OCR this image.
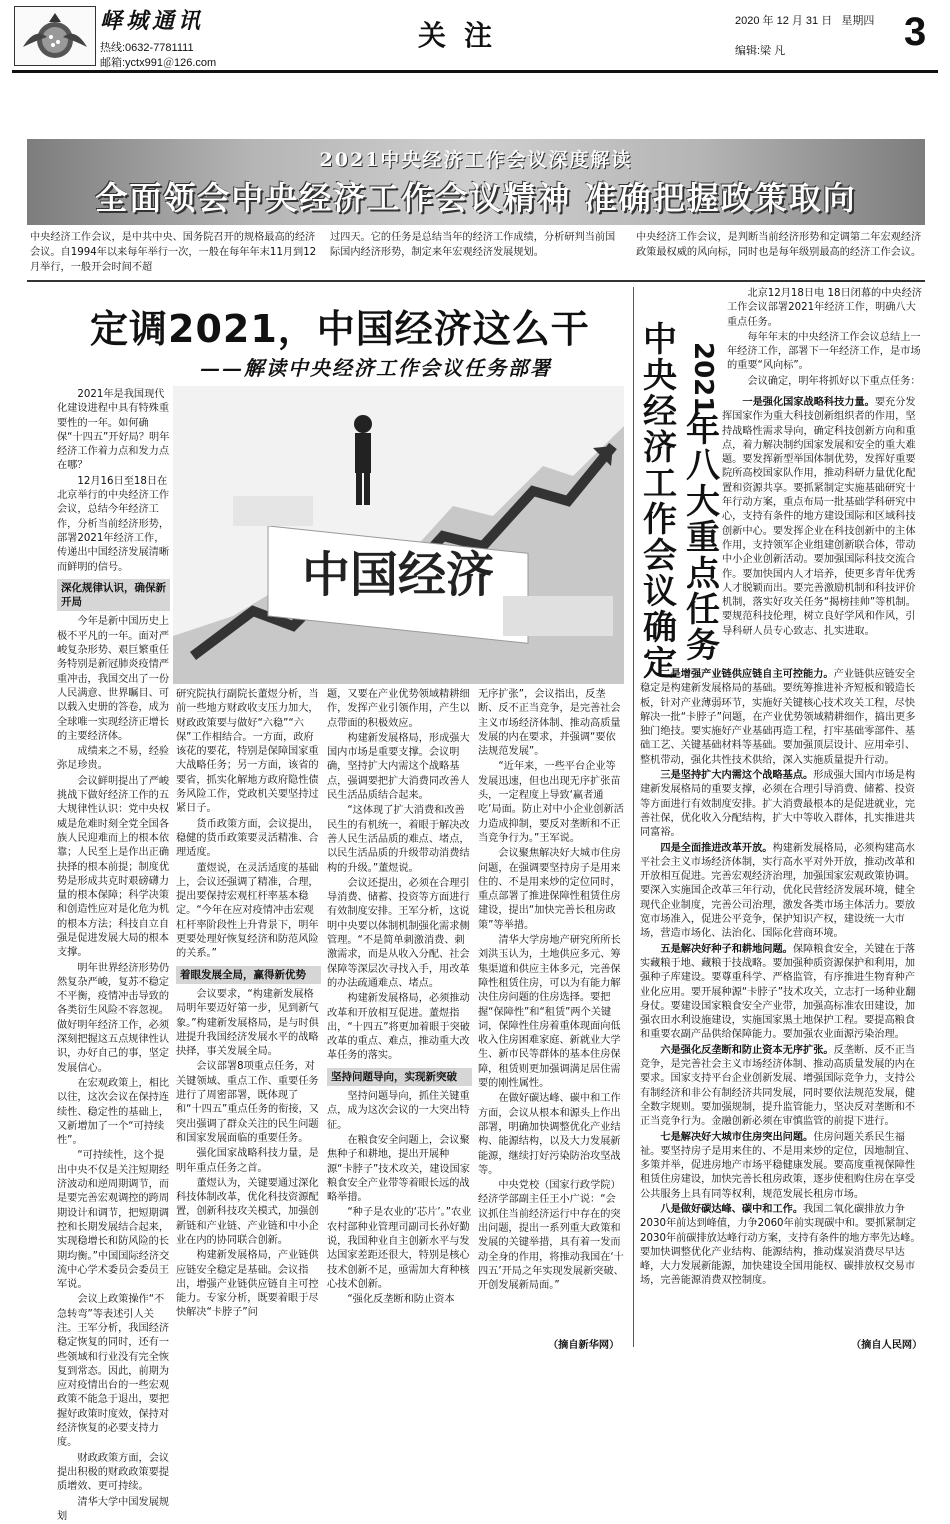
峄城通讯
热线:0632-7781111
邮箱:yctx991＠126.com
关注	2020 年 12 月 31 日 星期四
编辑:梁 凡	3
2021中央经济工作会议深度解读
全面领会中央经济工作会议精神 准确把握政策取向
中央经济工作会议，是中共中央、国务院召开的规格最高的经济会议。自1994年以来每年举行一次，一般在每年年末11月到12月举行，一般开会时间不超
过四天。它的任务是总结当年的经济工作成绩，分析研判当前国际国内经济形势，制定来年宏观经济发展规划。
中央经济工作会议，是判断当前经济形势和定调第二年宏观经济政策最权威的风向标，同时也是每年级别最高的经济工作会议。
定调2021，中国经济这么干
——解读中央经济工作会议任务部署
中国经济

2021年是我国现代化建设进程中具有特殊重要性的一年。如何确保“十四五”开好局？明年经济工作着力点和发力点在哪？

12月16日至18日在北京举行的中央经济工作会议，总结今年经济工作，分析当前经济形势，部署2021年经济工作，传递出中国经济发展清晰而鲜明的信号。

深化规律认识，确保新开局

今年是新中国历史上极不平凡的一年。面对严峻复杂形势、艰巨繁重任务特别是新冠肺炎疫情严重冲击，我国交出了一份人民满意、世界瞩目、可以载入史册的答卷，成为全球唯一实现经济正增长的主要经济体。

成绩来之不易，经验弥足珍贵。

会议鲜明提出了严峻挑战下做好经济工作的五大规律性认识：党中央权威是危难时刻全党全国各族人民迎难而上的根本依靠；人民至上是作出正确抉择的根本前提；制度优势是形成共克时艰磅礴力量的根本保障；科学决策和创造性应对是化危为机的根本方法；科技自立自强是促进发展大局的根本支撑。

明年世界经济形势仍然复杂严峻，复苏不稳定不平衡，疫情冲击导致的各类衍生风险不容忽视。做好明年经济工作，必须深刻把握这五点规律性认识，办好自己的事，坚定发展信心。

在宏观政策上，相比以往，这次会议在保持连续性、稳定性的基础上，又新增加了一个“可持续性”。

“可持续性，这个提出中央不仅是关注短期经济波动和逆周期调节，而是要完善宏观调控的跨周期设计和调节，把短期调控和长期发展结合起来，实现稳增长和防风险的长期均衡。”中国国际经济交流中心学术委员会委员王军说。

会议上政策操作“不急转弯”等表述引人关注。王军分析，我国经济稳定恢复的同时，还有一些领域和行业没有完全恢复到常态。因此，前期为应对疫情出台的一些宏观政策不能急于退出，要把握好政策时度效，保持对经济恢复的必要支持力度。

财政政策方面，会议提出积极的财政政策要提质增效、更可持续。

清华大学中国发展规划

研究院执行副院长董煜分析，当前一些地方财政收支压力加大，财政政策要与做好“六稳”“六保”工作相结合。一方面，政府该花的要花，特别是保障国家重大战略任务；另一方面，该省的要省，抓实化解地方政府隐性债务风险工作，党政机关要坚持过紧日子。

货币政策方面，会议提出，稳健的货币政策要灵活精准、合理适度。

董煜说，在灵活适度的基础上，会议还强调了精准，合理，提出要保持宏观杠杆率基本稳定。“今年在应对疫情冲击宏观杠杆率阶段性上升背景下，明年更要处理好恢复经济和防范风险的关系。”

着眼发展全局，赢得新优势

会议要求，“构建新发展格局明年要迈好第一步，见到新气象。”构建新发展格局，是与时俱进提升我国经济发展水平的战略抉择，事关发展全局。

会议部署8项重点任务，对关键领域、重点工作、重要任务进行了周密部署，既体现了和“十四五”重点任务的衔接，又突出强调了群众关注的民生问题和国家发展面临的重要任务。

强化国家战略科技力量，是明年重点任务之首。

董煜认为，关键要通过深化科技体制改革，优化科技资源配置，创新科技攻关模式，加强创新链和产业链、产业链和中小企业在内的协同联合创新。

构建新发展格局，产业链供应链安全稳定是基础。会议指出，增强产业链供应链自主可控能力。专家分析，既要着眼于尽快解决“卡脖子”问

题，又要在产业优势领域精耕细作，发挥产业引领作用，产生以点带面的积极效应。

构建新发展格局，形成强大国内市场是重要支撑。会议明确，坚持扩大内需这个战略基点，强调要把扩大消费同改善人民生活品质结合起来。

“这体现了扩大消费和改善民生的有机统一，着眼于解决改善人民生活品质的难点、堵点，以民生活品质的升级带动消费结构的升级。”董煜说。

会议还提出，必须在合理引导消费、储蓄、投资等方面进行有效制度安排。王军分析，这说明中央要以体制机制强化需求侧管理。“不是简单刺激消费、刺激需求，而是从收入分配、社会保障等深层次寻找入手，用改革的办法疏通难点、堵点。

构建新发展格局，必须推动改革和开放相互促进。董煜指出，“十四五”将更加着眼于突破改革的重点、难点，推动重大改革任务的落实。

坚持问题导向，实现新突破

坚持问题导向，抓住关键重点，成为这次会议的一大突出特征。

在粮食安全问题上，会议聚焦种子和耕地，提出开展种源“卡脖子”技术攻关，建设国家粮食安全产业带等着眼长远的战略举措。

“种子是农业的‘芯片’。”农业农村部种业管理司副司长孙好勤说，我国种业自主创新水平与发达国家差距还很大，特别是核心技术创新不足，亟需加大育种核心技术创新。

“强化反垄断和防止资本

无序扩张”，会议指出，反垄断、反不正当竞争，是完善社会主义市场经济体制、推动高质量发展的内在要求，并强调“要依法规范发展”。

“近年来，一些平台企业等发展迅速，但也出现无序扩张苗头，一定程度上导致‘赢者通吃’局面。防止对中小企业创新活力造成抑制，要反对垄断和不正当竞争行为。”王军说。

会议聚焦解决好大城市住房问题，在强调要坚持房子是用来住的、不是用来炒的定位同时，重点部署了推进保障性租赁住房建设，提出“加快完善长租房政策”等举措。

清华大学房地产研究所所长刘洪玉认为，土地供应多元、筹集渠道和供应主体多元，完善保障性租赁住房，可以为有能力解决住房问题的住房选择。要把握“保障性”和“租赁”两个关键词，保障性住房着重体现面向低收入住房困难家庭、新就业大学生、新市民等群体的基本住房保障，租赁则更加强调满足居住需要的刚性属性。

在做好碳达峰、碳中和工作方面，会议从根本和源头上作出部署，明确加快调整优化产业结构、能源结构，以及大力发展新能源，继续打好污染防治攻坚战等。

中央党校（国家行政学院）经济学部副主任王小广说：“会议抓住当前经济运行中存在的突出问题，提出一系列重大政策和发展的关键举措，具有着一发而动全身的作用，将推动我国在‘十四五’开局之年实现发展新突破、开创发展新局面。”

（摘自新华网）
2021
年
八
大
重
点
任
务
中
央
经
济
工
作
会
议
确
定

北京12月18日电 18日闭幕的中央经济工作会议部署2021年经济工作，明确八大重点任务。

每年年末的中央经济工作会议总结上一年经济工作，部署下一年经济工作，是市场的重要“风向标”。

会议确定，明年将抓好以下重点任务：

一是强化国家战略科技力量。要充分发挥国家作为重大科技创新组织者的作用，坚持战略性需求导向，确定科技创新方向和重点，着力解决制约国家发展和安全的重大难题。要发挥新型举国体制优势，发挥好重要院所高校国家队作用，推动科研力量优化配置和资源共享。要抓紧制定实施基础研究十年行动方案，重点布局一批基础学科研究中心，支持有条件的地方建设国际和区域科技创新中心。要发挥企业在科技创新中的主体作用，支持领军企业组建创新联合体，带动中小企业创新活动。要加强国际科技交流合作。要加快国内人才培养，使更多青年优秀人才脱颖而出。要完善激励机制和科技评价机制，落实好攻关任务“揭榜挂帅”等机制。要规范科技伦理，树立良好学风和作风，引导科研人员专心致志、扎实进取。

二是增强产业链供应链自主可控能力。产业链供应链安全稳定是构建新发展格局的基础。要统筹推进补齐短板和锻造长板，针对产业薄弱环节，实施好关键核心技术攻关工程，尽快解决一批“卡脖子”问题，在产业优势领域精耕细作，搞出更多独门绝技。要实施好产业基础再造工程，打牢基础零部件、基础工艺、关键基础材料等基础。要加强顶层设计、应用牵引、整机带动，强化共性技术供给，深入实施质量提升行动。

三是坚持扩大内需这个战略基点。形成强大国内市场是构建新发展格局的重要支撑，必须在合理引导消费、储蓄、投资等方面进行有效制度安排。扩大消费最根本的是促进就业，完善社保，优化收入分配结构，扩大中等收入群体，扎实推进共同富裕。

四是全面推进改革开放。构建新发展格局，必须构建高水平社会主义市场经济体制，实行高水平对外开放，推动改革和开放相互促进。完善宏观经济治理，加强国家宏观政策协调。要深入实施国企改革三年行动，优化民营经济发展环境，健全现代企业制度，完善公司治理，激发各类市场主体活力。要放宽市场准入，促进公平竞争，保护知识产权，建设统一大市场，营造市场化、法治化、国际化营商环境。

五是解决好种子和耕地问题。保障粮食安全，关键在于落实藏粮于地、藏粮于技战略。要加强种质资源保护和利用，加强种子库建设。要尊重科学、严格监管，有序推进生物育种产业化应用。要开展种源“卡脖子”技术攻关，立志打一场种业翻身仗。要建设国家粮食安全产业带，加强高标准农田建设，加强农田水利设施建设，实施国家黑土地保护工程。要提高粮食和重要农副产品供给保障能力。要加强农业面源污染治理。

六是强化反垄断和防止资本无序扩张。反垄断、反不正当竞争，是完善社会主义市场经济体制、推动高质量发展的内在要求。国家支持平台企业创新发展、增强国际竞争力，支持公有制经济和非公有制经济共同发展，同时要依法规范发展，健全数字规则。要加强规制，提升监管能力，坚决反对垄断和不正当竞争行为。金融创新必须在审慎监管的前提下进行。

七是解决好大城市住房突出问题。住房问题关系民生福祉。要坚持房子是用来住的、不是用来炒的定位，因地制宜、多策并举，促进房地产市场平稳健康发展。要高度重视保障性租赁住房建设，加快完善长租房政策，逐步使租购住房在享受公共服务上具有同等权利，规范发展长租房市场。

八是做好碳达峰、碳中和工作。我国二氧化碳排放力争2030年前达到峰值，力争2060年前实现碳中和。要抓紧制定2030年前碳排放达峰行动方案，支持有条件的地方率先达峰。要加快调整优化产业结构、能源结构，推动煤炭消费尽早达峰，大力发展新能源，加快建设全国用能权、碳排放权交易市场，完善能源消费双控制度。

（摘自人民网）
